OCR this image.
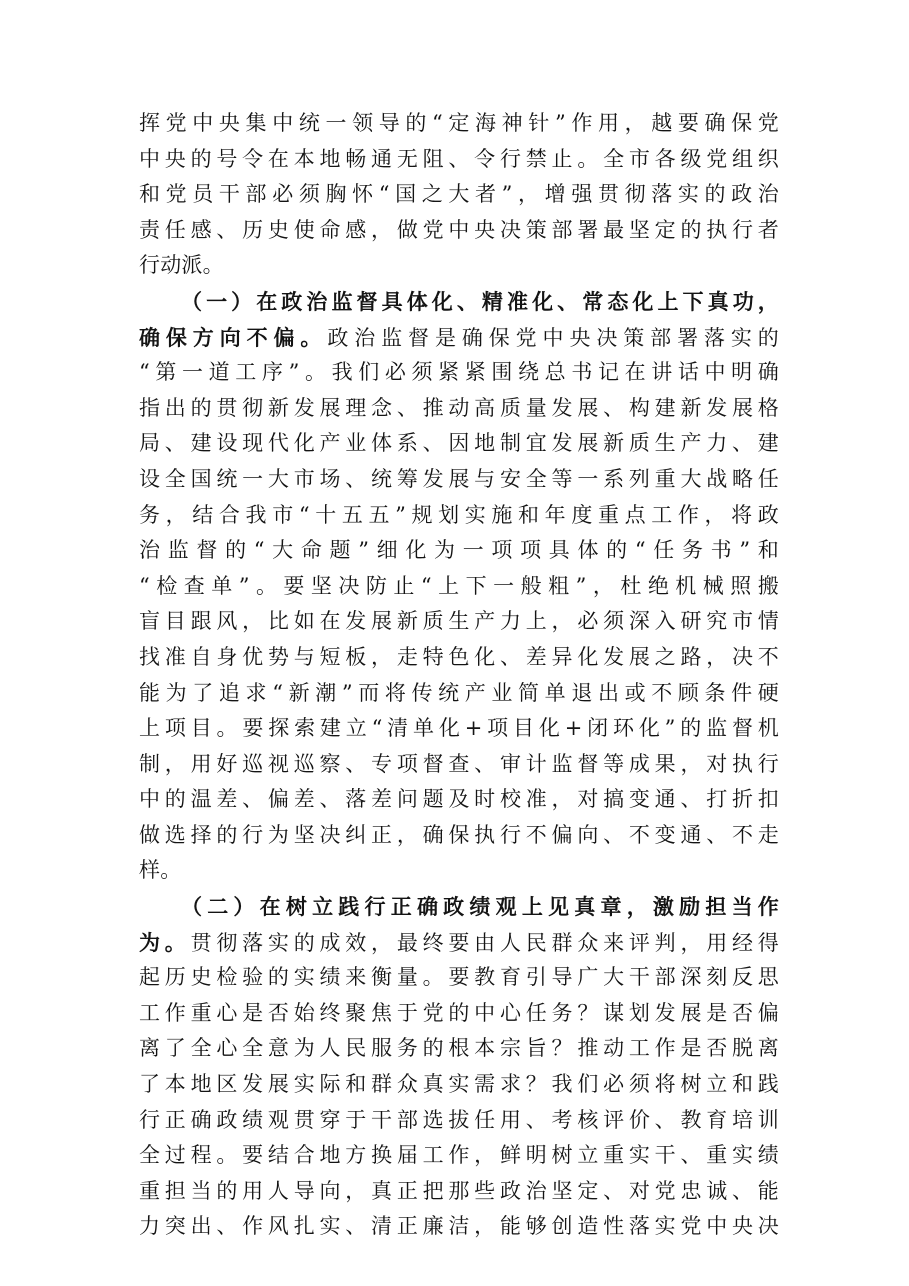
挥党中央集中统一领导的“定海神针”作用，越要确保党
中央的号令在本地畅通无阻、令行禁止。全市各级党组织
和党员干部必须胸怀“国之大者”，增强贯彻落实的政治
责任感、历史使命感，做党中央决策部署最坚定的执行者
行动派。
（一）在政治监督具体化、精准化、常态化上下真功，
确保方向不偏。政治监督是确保党中央决策部署落实的
“第一道工序”。我们必须紧紧围绕总书记在讲话中明确
指出的贯彻新发展理念、推动高质量发展、构建新发展格
局、建设现代化产业体系、因地制宜发展新质生产力、建
设全国统一大市场、统筹发展与安全等一系列重大战略任
务，结合我市“十五五”规划实施和年度重点工作，将政
治监督的“大命题”细化为一项项具体的“任务书”和
“检查单”。要坚决防止“上下一般粗”，杜绝机械照搬
盲目跟风，比如在发展新质生产力上，必须深入研究市情
找准自身优势与短板，走特色化、差异化发展之路，决不
能为了追求“新潮”而将传统产业简单退出或不顾条件硬
上项目。要探索建立“清单化+项目化+闭环化”的监督机
制，用好巡视巡察、专项督查、审计监督等成果，对执行
中的温差、偏差、落差问题及时校准，对搞变通、打折扣
做选择的行为坚决纠正，确保执行不偏向、不变通、不走
样。
（二）在树立践行正确政绩观上见真章，激励担当作
为。贯彻落实的成效，最终要由人民群众来评判，用经得
起历史检验的实绩来衡量。要教育引导广大干部深刻反思
工作重心是否始终聚焦于党的中心任务？谋划发展是否偏
离了全心全意为人民服务的根本宗旨？推动工作是否脱离
了本地区发展实际和群众真实需求？我们必须将树立和践
行正确政绩观贯穿于干部选拔任用、考核评价、教育培训
全过程。要结合地方换届工作，鲜明树立重实干、重实绩
重担当的用人导向，真正把那些政治坚定、对党忠诚、能
力突出、作风扎实、清正廉洁，能够创造性落实党中央决
